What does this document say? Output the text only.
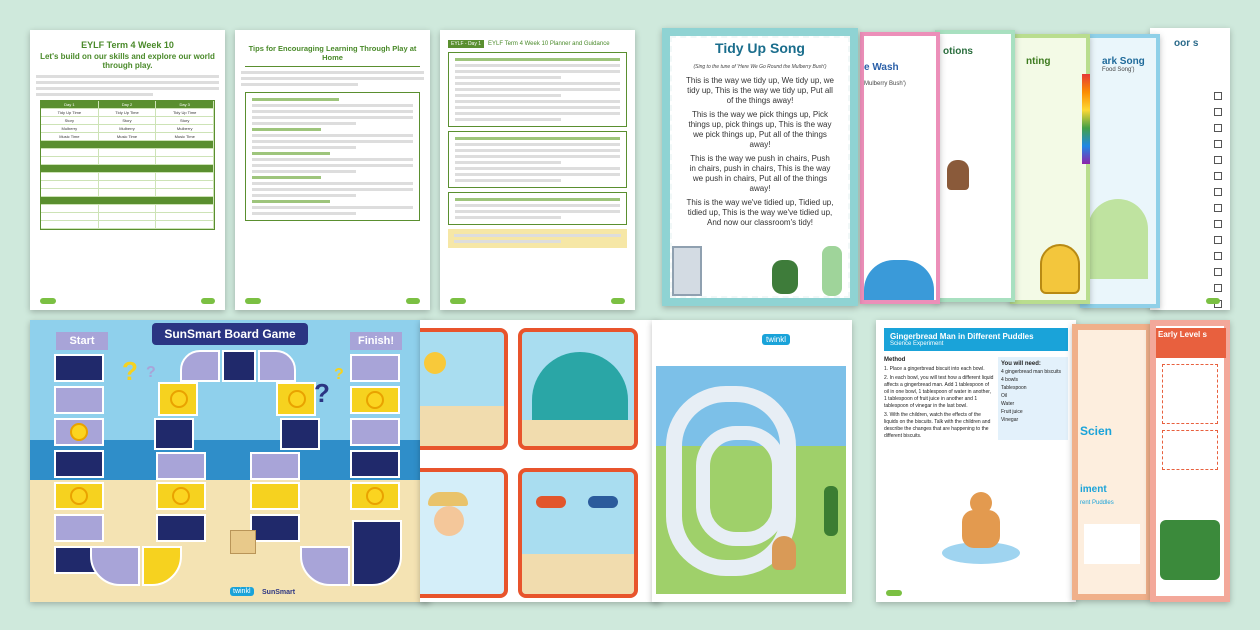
EYLF Term 4 Week 10
Let's build on our skills and explore our world through play.
Day 1	Day 2	Day 3
Tidy Up Time	Tidy Up Time	Tidy Up Time
Story	Story	Story
Mulberry	Mulberry	Mulberry
Music Time	Music Time	Music Time

Tips for Encouraging Learning Through Play at Home
EYLF - Day 1	EYLF Term 4 Week 10 Planner and Guidance	oor s
ark Song
Food Song')
nting
otions
e Wash
Mulberry Bush')
Tidy Up Song
(Sing to the tune of 'Here We Go Round the Mulberry Bush')
This is the way we tidy up, We tidy up, we tidy up, This is the way we tidy up, Put all of the things away!
This is the way we pick things up, Pick things up, pick things up, This is the way we pick things up, Put all of the things away!
This is the way we push in chairs, Push in chairs, push in chairs, This is the way we push in chairs, Put all of the things away!
This is the way we've tidied up, Tidied up, tidied up, This is the way we've tidied up, And now our classroom's tidy!
SunSmart Board Game
Start	Finish!
? ?
?
?
twinkl	SunSmart
twinkl	Gingerbread Man in Different Puddles
Science Experiment
Method
1. Place a gingerbread biscuit into each bowl.
2. In each bowl, you will test how a different liquid affects a gingerbread man. Add 1 tablespoon of oil in one bowl, 1 tablespoon of water in another, 1 tablespoon of fruit juice in another and 1 tablespoon of vinegar in the last bowl.
3. With the children, watch the effects of the liquids on the biscuits. Talk with the children and describe the changes that are happening to the different biscuits.
You will need:
4 gingerbread man biscuits
4 bowls
Tablespoon
Oil
Water
Fruit juice
Vinegar
Scien
iment
rent Puddles
Early Level s
